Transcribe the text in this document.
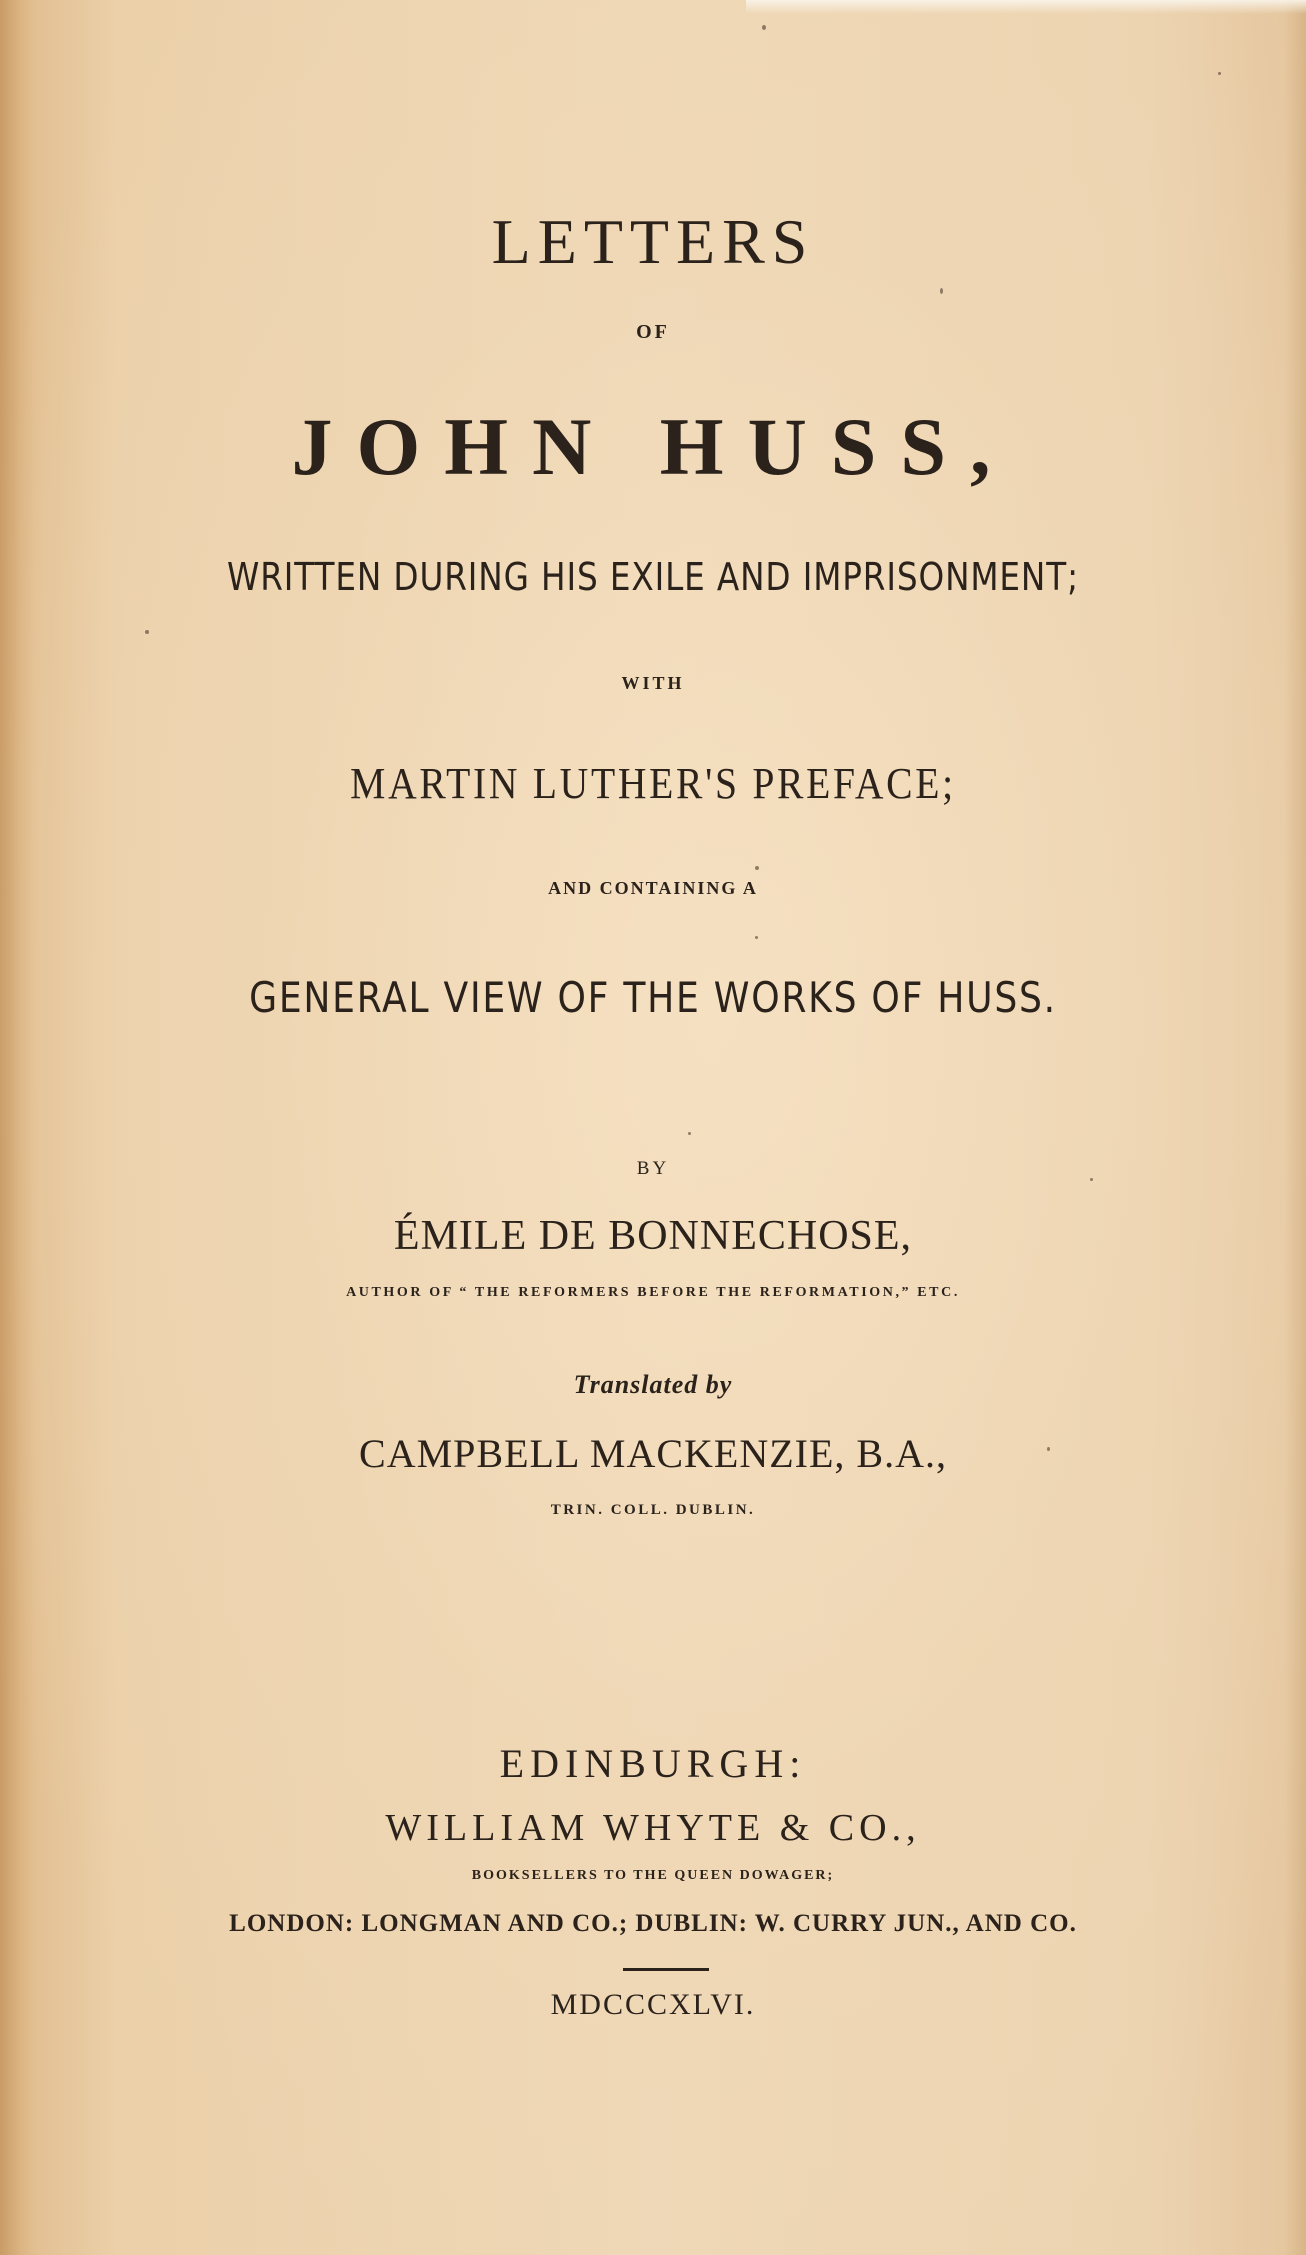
LETTERS
OF
JOHN HUSS,
WRITTEN DURING HIS EXILE AND IMPRISONMENT;
WITH
MARTIN LUTHER'S PREFACE;
AND CONTAINING A
GENERAL VIEW OF THE WORKS OF HUSS.
BY
ÉMILE DE BONNECHOSE,
AUTHOR OF “ THE REFORMERS BEFORE THE REFORMATION,” ETC.
Translated by
CAMPBELL MACKENZIE, B.A.,
TRIN. COLL. DUBLIN.
EDINBURGH:
WILLIAM WHYTE & CO.,
BOOKSELLERS TO THE QUEEN DOWAGER;
LONDON: LONGMAN AND CO.; DUBLIN: W. CURRY JUN., AND CO.
MDCCCXLVI.
